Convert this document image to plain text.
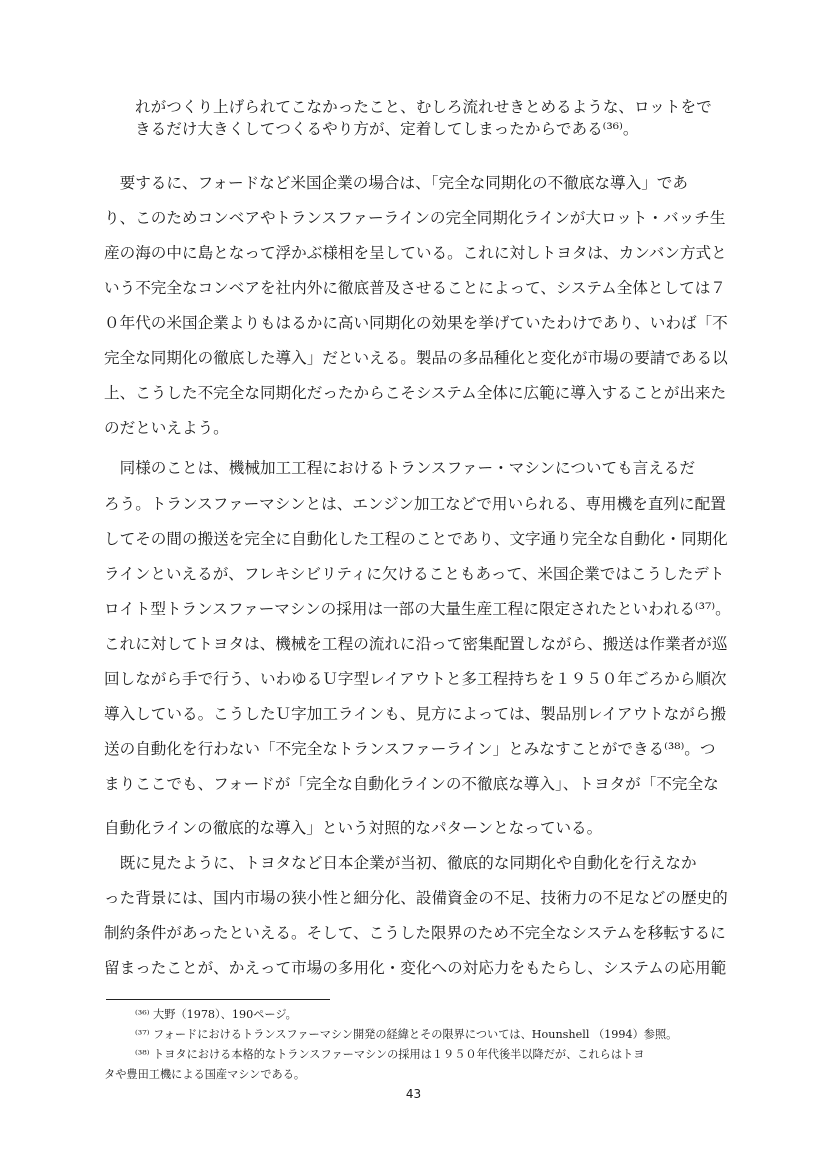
れがつくり上げられてこなかったこと、むしろ流れせきとめるような、ロットをで
きるだけ大きくしてつくるやり方が、定着してしまったからである⁽³⁶⁾。
　要するに、フォードなど米国企業の場合は、「完全な同期化の不徹底な導入」であ
り、このためコンベアやトランスファーラインの完全同期化ラインが大ロット・バッチ生
産の海の中に島となって浮かぶ様相を呈している。これに対しトヨタは、カンバン方式と
いう不完全なコンベアを社内外に徹底普及させることによって、システム全体としては７
０年代の米国企業よりもはるかに高い同期化の効果を挙げていたわけであり、いわば「不
完全な同期化の徹底した導入」だといえる。製品の多品種化と変化が市場の要請である以
上、こうした不完全な同期化だったからこそシステム全体に広範に導入することが出来た
のだといえよう。
　同様のことは、機械加工工程におけるトランスファー・マシンについても言えるだ
ろう。トランスファーマシンとは、エンジン加工などで用いられる、専用機を直列に配置
してその間の搬送を完全に自動化した工程のことであり、文字通り完全な自動化・同期化
ラインといえるが、フレキシビリティに欠けることもあって、米国企業ではこうしたデト
ロイト型トランスファーマシンの採用は一部の大量生産工程に限定されたといわれる⁽³⁷⁾。
これに対してトヨタは、機械を工程の流れに沿って密集配置しながら、搬送は作業者が巡
回しながら手で行う、いわゆるＵ字型レイアウトと多工程持ちを１９５０年ごろから順次
導入している。こうしたＵ字加工ラインも、見方によっては、製品別レイアウトながら搬
送の自動化を行わない「不完全なトランスファーライン」とみなすことができる⁽³⁸⁾。つ
まりここでも、フォードが「完全な自動化ラインの不徹底な導入」、トヨタが「不完全な
自動化ラインの徹底的な導入」という対照的なパターンとなっている。
　既に見たように、トヨタなど日本企業が当初、徹底的な同期化や自動化を行えなか
った背景には、国内市場の狭小性と細分化、設備資金の不足、技術力の不足などの歴史的
制約条件があったといえる。そして、こうした限界のため不完全なシステムを移転するに
留まったことが、かえって市場の多用化・変化への対応力をもたらし、システムの応用範
⁽³⁶⁾ 大野（1978）、190ページ。
⁽³⁷⁾ フォードにおけるトランスファーマシン開発の経緯とその限界については、Hounshell （1994）参照。
⁽³⁸⁾ トヨタにおける本格的なトランスファーマシンの採用は１９５０年代後半以降だが、これらはトヨ
タや豊田工機による国産マシンである。
43
